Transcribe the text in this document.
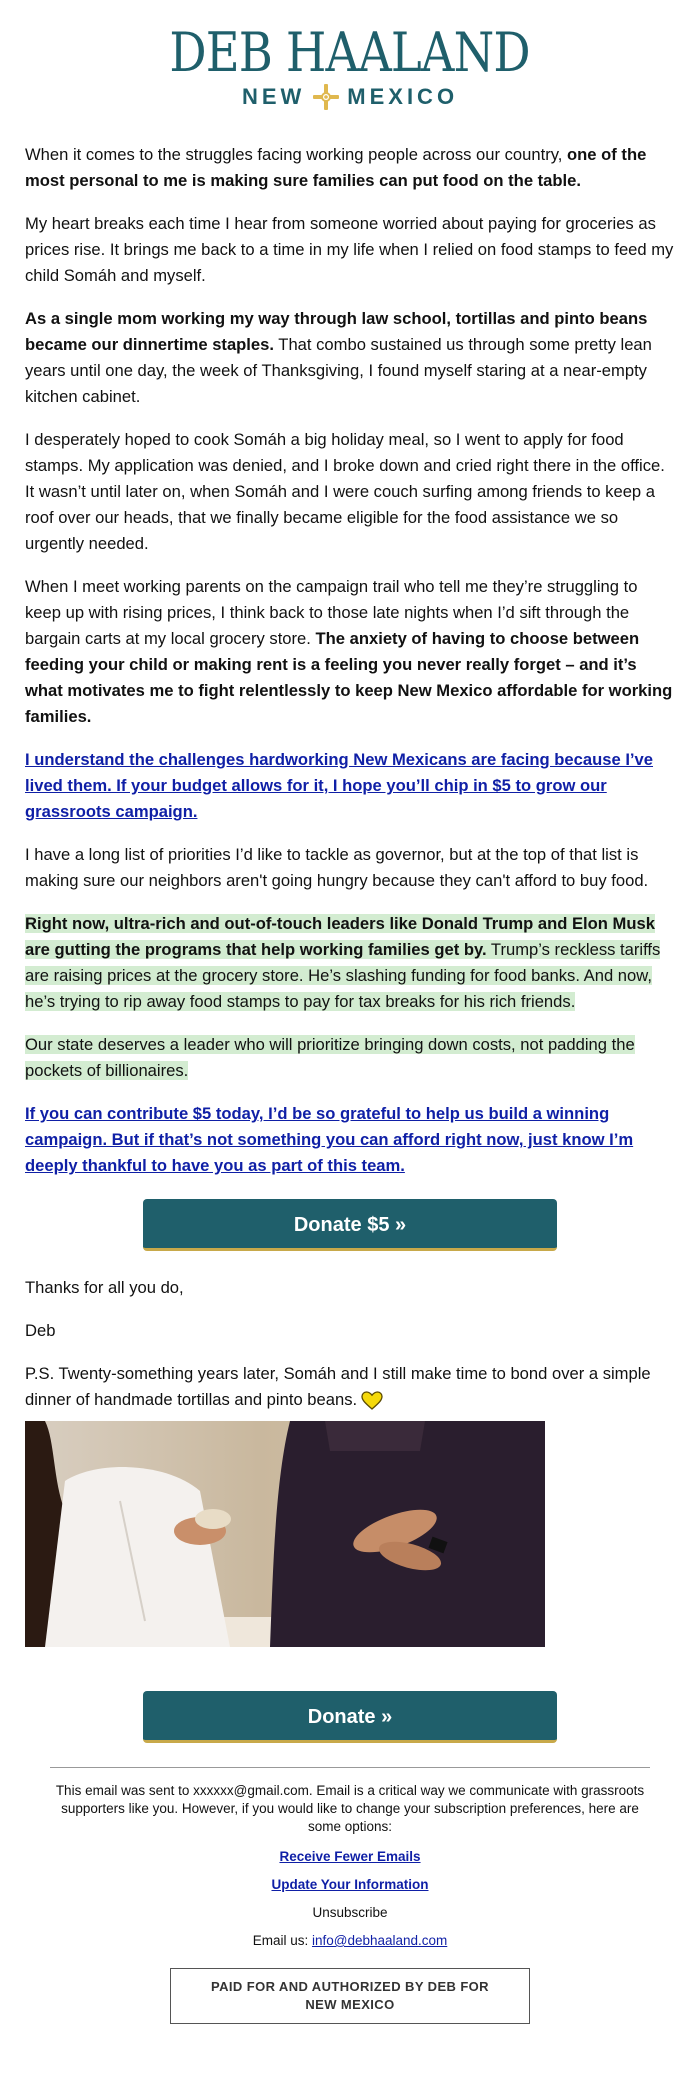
DEB HAALAND
NEW MEXICO

When it comes to the struggles facing working people across our country, one of the most personal to me is making sure families can put food on the table.

My heart breaks each time I hear from someone worried about paying for groceries as prices rise. It brings me back to a time in my life when I relied on food stamps to feed my child Somáh and myself.

As a single mom working my way through law school, tortillas and pinto beans became our dinnertime staples. That combo sustained us through some pretty lean years until one day, the week of Thanksgiving, I found myself staring at a near-empty kitchen cabinet.

I desperately hoped to cook Somáh a big holiday meal, so I went to apply for food stamps. My application was denied, and I broke down and cried right there in the office. It wasn’t until later on, when Somáh and I were couch surfing among friends to keep a roof over our heads, that we finally became eligible for the food assistance we so urgently needed.

When I meet working parents on the campaign trail who tell me they’re struggling to keep up with rising prices, I think back to those late nights when I’d sift through the bargain carts at my local grocery store. The anxiety of having to choose between feeding your child or making rent is a feeling you never really forget – and it’s what motivates me to fight relentlessly to keep New Mexico affordable for working families.

I understand the challenges hardworking New Mexicans are facing because I’ve lived them. If your budget allows for it, I hope you’ll chip in $5 to grow our grassroots campaign.

I have a long list of priorities I’d like to tackle as governor, but at the top of that list is making sure our neighbors aren't going hungry because they can't afford to buy food.

Right now, ultra-rich and out-of-touch leaders like Donald Trump and Elon Musk are gutting the programs that help working families get by. Trump’s reckless tariffs are raising prices at the grocery store. He’s slashing funding for food banks. And now, he’s trying to rip away food stamps to pay for tax breaks for his rich friends.

Our state deserves a leader who will prioritize bringing down costs, not padding the pockets of billionaires.

If you can contribute $5 today, I’d be so grateful to help us build a winning campaign. But if that’s not something you can afford right now, just know I’m deeply thankful to have you as part of this team.

Donate $5 »

Thanks for all you do,

Deb

P.S. Twenty-something years later, Somáh and I still make time to bond over a simple dinner of handmade tortillas and pinto beans.

Donate »
This email was sent to xxxxxx@gmail.com. Email is a critical way we communicate with grassroots supporters like you. However, if you would like to change your subscription preferences, here are some options:
Receive Fewer Emails
Update Your Information
Unsubscribe
Email us: info@debhaaland.com
PAID FOR AND AUTHORIZED BY DEB FOR NEW MEXICO
